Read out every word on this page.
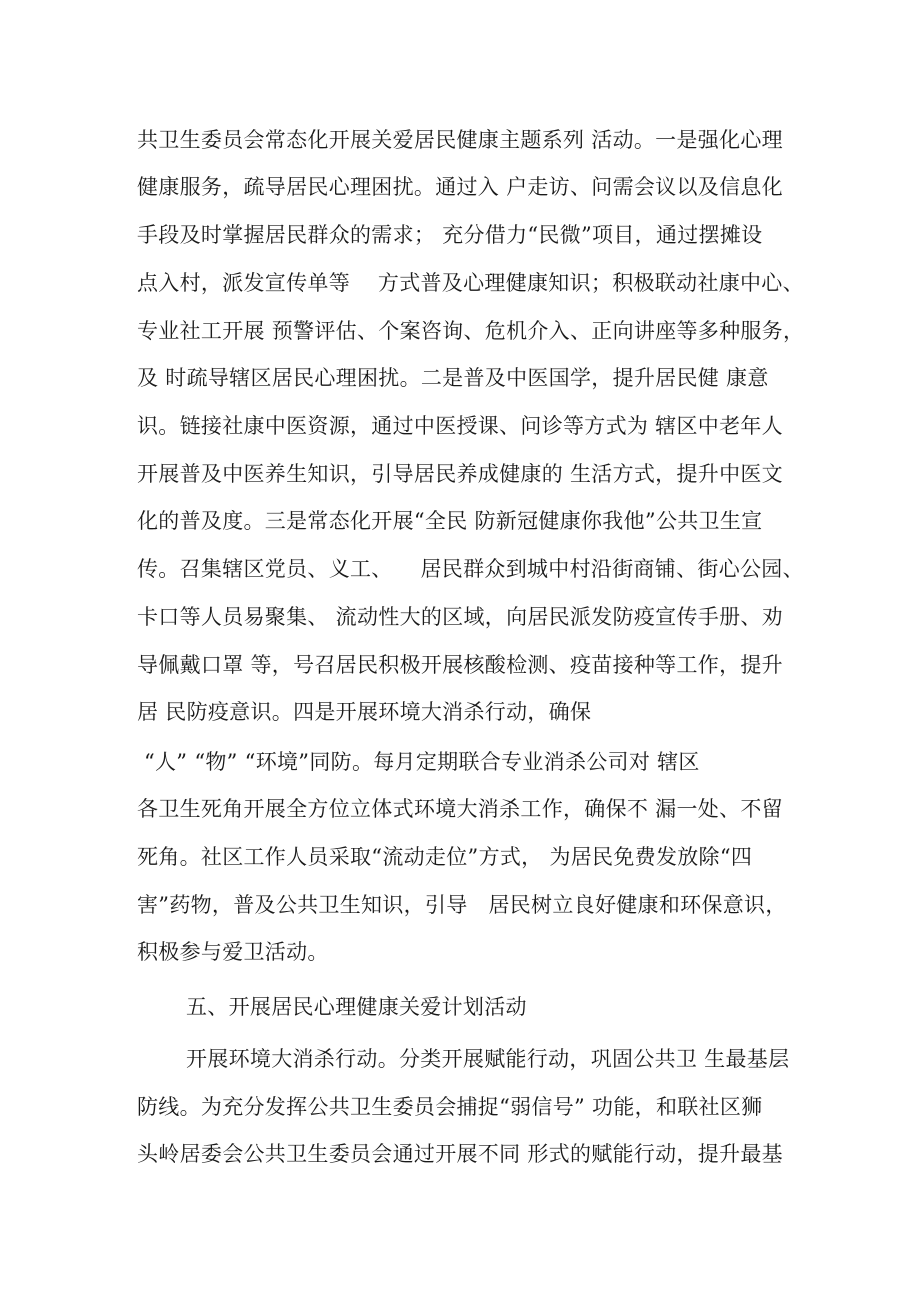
共卫生委员会常态化开展关爱居民健康主题系列 活动。一是强化心理
健康服务，疏导居民心理困扰。通过入 户走访、问需会议以及信息化
手段及时掌握居民群众的需求； 充分借力“民微”项目，通过摆摊设
点入村，派发宣传单等    方式普及心理健康知识；积极联动社康中心、
专业社工开展 预警评估、个案咨询、危机介入、正向讲座等多种服务，
及 时疏导辖区居民心理困扰。二是普及中医国学，提升居民健 康意
识。链接社康中医资源，通过中医授课、问诊等方式为 辖区中老年人
开展普及中医养生知识，引导居民养成健康的 生活方式，提升中医文
化的普及度。三是常态化开展“全民 防新冠健康你我他”公共卫生宣
传。召集辖区党员、义工、    居民群众到城中村沿街商铺、街心公园、
卡口等人员易聚集、 流动性大的区域，向居民派发防疫宣传手册、劝
导佩戴口罩 等，号召居民积极开展核酸检测、疫苗接种等工作，提升
居 民防疫意识。四是开展环境大消杀行动，确保
“人” “物” “环境”同防。每月定期联合专业消杀公司对 辖区
各卫生死角开展全方位立体式环境大消杀工作，确保不 漏一处、不留
死角。社区工作人员采取“流动走位”方式， 为居民免费发放除“四
害”药物，普及公共卫生知识，引导   居民树立良好健康和环保意识，
积极参与爱卫活动。
五、开展居民心理健康关爱计划活动
开展环境大消杀行动。分类开展赋能行动，巩固公共卫 生最基层
防线。为充分发挥公共卫生委员会捕捉“弱信号” 功能，和联社区狮
头岭居委会公共卫生委员会通过开展不同 形式的赋能行动，提升最基
